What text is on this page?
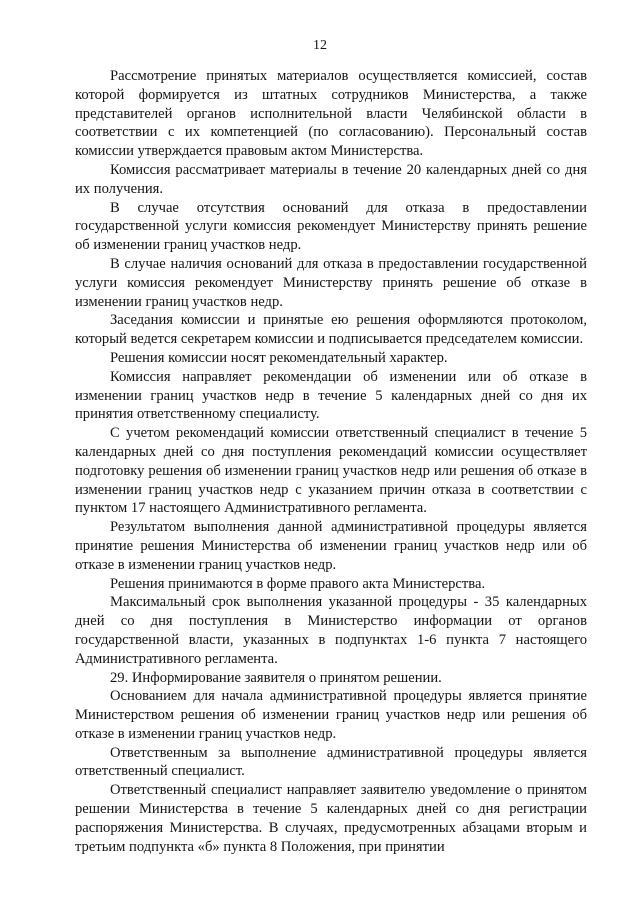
12

Рассмотрение принятых материалов осуществляется комиссией, состав которой формируется из штатных сотрудников Министерства, а также представителей органов исполнительной власти Челябинской области в соответствии с их компетенцией (по согласованию). Персональный состав комиссии утверждается правовым актом Министерства.

Комиссия рассматривает материалы в течение 20 календарных дней со дня их получения.

В случае отсутствия оснований для отказа в предоставлении государственной услуги комиссия рекомендует Министерству принять решение об изменении границ участков недр.

В случае наличия оснований для отказа в предоставлении государственной услуги комиссия рекомендует Министерству принять решение об отказе в изменении границ участков недр.

Заседания комиссии и принятые ею решения оформляются протоколом, который ведется секретарем комиссии и подписывается председателем комиссии.

Решения комиссии носят рекомендательный характер.

Комиссия направляет рекомендации об изменении или об отказе в изменении границ участков недр в течение 5 календарных дней со дня их принятия ответственному специалисту.

С учетом рекомендаций комиссии ответственный специалист в течение 5 календарных дней со дня поступления рекомендаций комиссии осуществляет подготовку решения об изменении границ участков недр или решения об отказе в изменении границ участков недр с указанием причин отказа в соответствии с пунктом 17 настоящего Административного регламента.

Результатом выполнения данной административной процедуры является принятие решения Министерства об изменении границ участков недр или об отказе в изменении границ участков недр.

Решения принимаются в форме правого акта Министерства.

Максимальный срок выполнения указанной процедуры - 35 календарных дней со дня поступления в Министерство информации от органов государственной власти, указанных в подпунктах 1-6 пункта 7 настоящего Административного регламента.

29. Информирование заявителя о принятом решении.

Основанием для начала административной процедуры является принятие Министерством решения об изменении границ участков недр или решения об отказе в изменении границ участков недр.

Ответственным за выполнение административной процедуры является ответственный специалист.

Ответственный специалист направляет заявителю уведомление о принятом решении Министерства в течение 5 календарных дней со дня регистрации распоряжения Министерства. В случаях, предусмотренных абзацами вторым и третьим подпункта «б» пункта 8 Положения, при принятии
